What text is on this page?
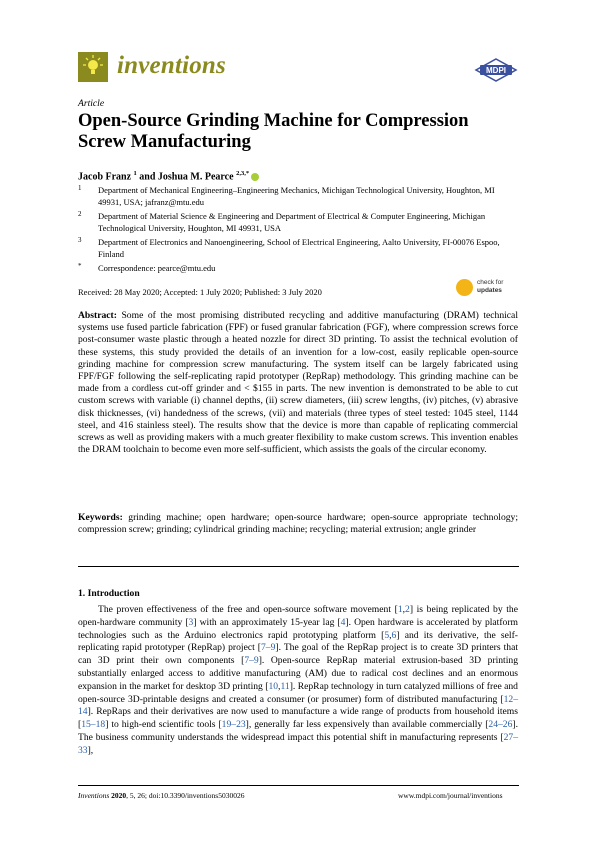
inventions	MDPI
Article
Open-Source Grinding Machine for Compression Screw Manufacturing
Jacob Franz $^1$ and Joshua M. Pearce $^{2,3,*}$
1	Department of Mechanical Engineering–Engineering Mechanics, Michigan Technological University, Houghton, MI 49931, USA; jafranz@mtu.edu
2	Department of Material Science & Engineering and Department of Electrical & Computer Engineering, Michigan Technological University, Houghton, MI 49931, USA
3	Department of Electronics and Nanoengineering, School of Electrical Engineering, Aalto University, FI-00076 Espoo, Finland
*	Correspondence: pearce@mtu.edu
Received: 28 May 2020; Accepted: 1 July 2020; Published: 3 July 2020
check for
updates
Abstract: Some of the most promising distributed recycling and additive manufacturing (DRAM) technical systems use fused particle fabrication (FPF) or fused granular fabrication (FGF), where compression screws force post-consumer waste plastic through a heated nozzle for direct 3D printing. To assist the technical evolution of these systems, this study provided the details of an invention for a low-cost, easily replicable open-source grinding machine for compression screw manufacturing. The system itself can be largely fabricated using FPF/FGF following the self-replicating rapid prototyper (RepRap) methodology. This grinding machine can be made from a cordless cut-off grinder and < $155 in parts. The new invention is demonstrated to be able to cut custom screws with variable (i) channel depths, (ii) screw diameters, (iii) screw lengths, (iv) pitches, (v) abrasive disk thicknesses, (vi) handedness of the screws, (vii) and materials (three types of steel tested: 1045 steel, 1144 steel, and 416 stainless steel). The results show that the device is more than capable of replicating commercial screws as well as providing makers with a much greater flexibility to make custom screws. This invention enables the DRAM toolchain to become even more self-sufficient, which assists the goals of the circular economy.
Keywords: grinding machine; open hardware; open-source hardware; open-source appropriate technology; compression screw; grinding; cylindrical grinding machine; recycling; material extrusion; angle grinder
1. Introduction
The proven effectiveness of the free and open-source software movement [1,2] is being replicated by the open-hardware community [3] with an approximately 15-year lag [4]. Open hardware is accelerated by platform technologies such as the Arduino electronics rapid prototyping platform [5,6] and its derivative, the self-replicating rapid prototyper (RepRap) project [7–9]. The goal of the RepRap project is to create 3D printers that can 3D print their own components [7–9]. Open-source RepRap material extrusion-based 3D printing substantially enlarged access to additive manufacturing (AM) due to radical cost declines and an enormous expansion in the market for desktop 3D printing [10,11]. RepRap technology in turn catalyzed millions of free and open-source 3D-printable designs and created a consumer (or prosumer) form of distributed manufacturing [12–14]. RepRaps and their derivatives are now used to manufacture a wide range of products from household items [15–18] to high-end scientific tools [19–23], generally far less expensively than available commercially [24–26]. The business community understands the widespread impact this potential shift in manufacturing represents [27–33],
Inventions 2020, 5, 26; doi:10.3390/inventions5030026	www.mdpi.com/journal/inventions
